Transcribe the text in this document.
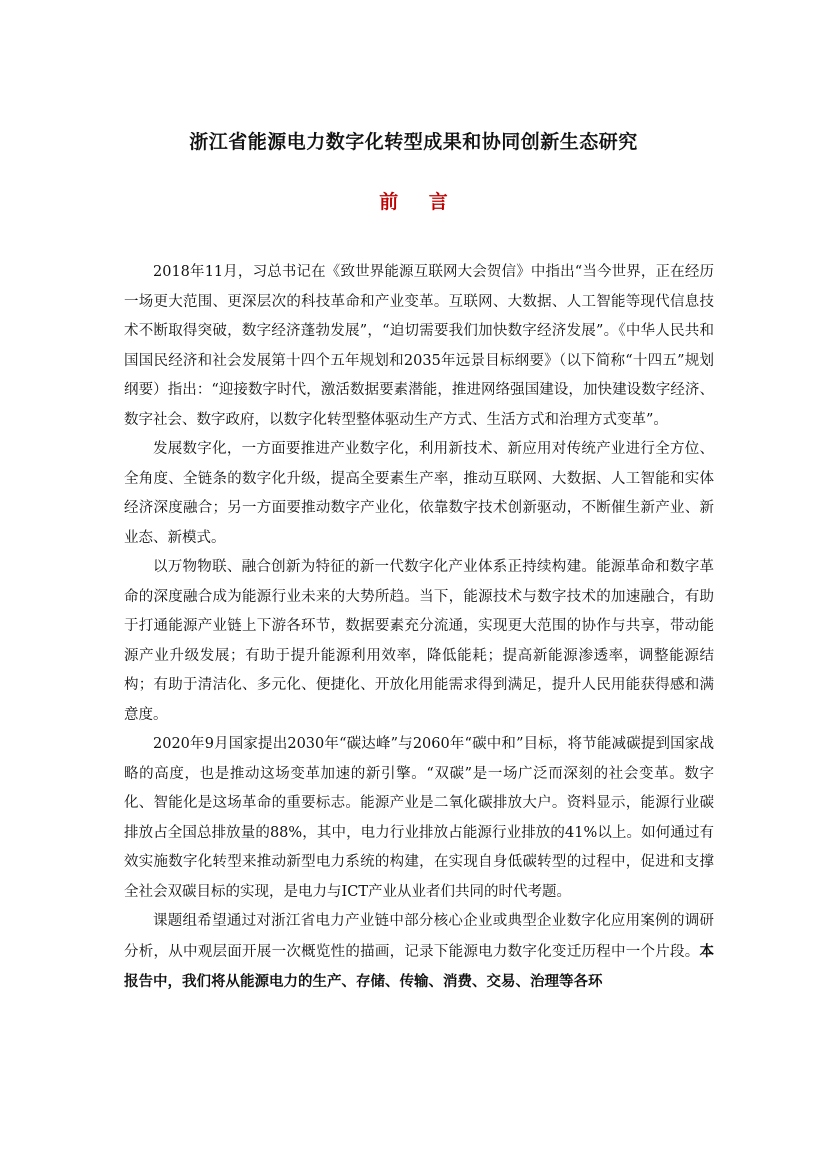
浙江省能源电力数字化转型成果和协同创新生态研究
前 言

2018年11月，习总书记在《致世界能源互联网大会贺信》中指出“当今世界，正在经历一场更大范围、更深层次的科技革命和产业变革。互联网、大数据、人工智能等现代信息技术不断取得突破，数字经济蓬勃发展”，“迫切需要我们加快数字经济发展”。《中华人民共和国国民经济和社会发展第十四个五年规划和2035年远景目标纲要》（以下简称“十四五”规划纲要）指出：“迎接数字时代，激活数据要素潜能，推进网络强国建设，加快建设数字经济、数字社会、数字政府，以数字化转型整体驱动生产方式、生活方式和治理方式变革”。

发展数字化，一方面要推进产业数字化，利用新技术、新应用对传统产业进行全方位、全角度、全链条的数字化升级，提高全要素生产率，推动互联网、大数据、人工智能和实体经济深度融合；另一方面要推动数字产业化，依靠数字技术创新驱动，不断催生新产业、新业态、新模式。

以万物物联、融合创新为特征的新一代数字化产业体系正持续构建。能源革命和数字革命的深度融合成为能源行业未来的大势所趋。当下，能源技术与数字技术的加速融合，有助于打通能源产业链上下游各环节，数据要素充分流通，实现更大范围的协作与共享，带动能源产业升级发展；有助于提升能源利用效率，降低能耗；提高新能源渗透率，调整能源结构；有助于清洁化、多元化、便捷化、开放化用能需求得到满足，提升人民用能获得感和满意度。

2020年9月国家提出2030年“碳达峰”与2060年“碳中和”目标，将节能减碳提到国家战略的高度，也是推动这场变革加速的新引擎。“双碳”是一场广泛而深刻的社会变革。数字化、智能化是这场革命的重要标志。能源产业是二氧化碳排放大户。资料显示，能源行业碳排放占全国总排放量的88%，其中，电力行业排放占能源行业排放的41%以上。如何通过有效实施数字化转型来推动新型电力系统的构建，在实现自身低碳转型的过程中，促进和支撑全社会双碳目标的实现，是电力与ICT产业从业者们共同的时代考题。

课题组希望通过对浙江省电力产业链中部分核心企业或典型企业数字化应用案例的调研分析，从中观层面开展一次概览性的描画，记录下能源电力数字化变迁历程中一个片段。本报告中，我们将从能源电力的生产、存储、传输、消费、交易、治理等各环
